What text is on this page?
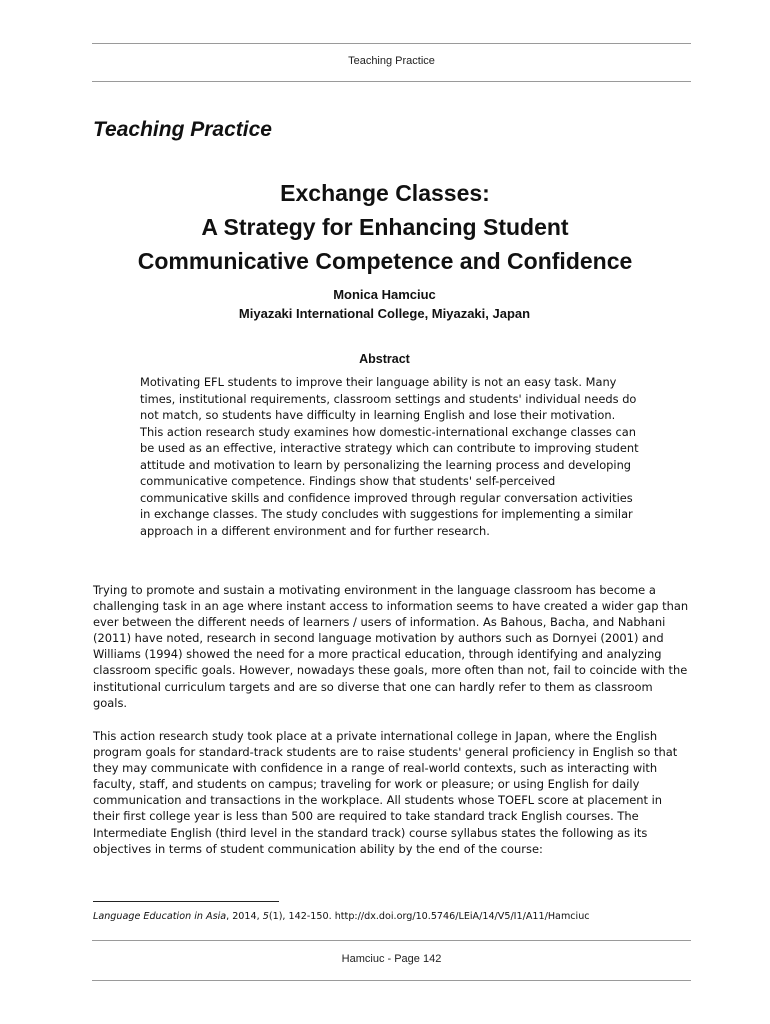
Teaching Practice
Teaching Practice
Exchange Classes:
A Strategy for Enhancing Student
Communicative Competence and Confidence
Monica Hamciuc
Miyazaki International College, Miyazaki, Japan
Abstract

Motivating EFL students to improve their language ability is not an easy task. Many times, institutional requirements, classroom settings and students' individual needs do not match, so students have difficulty in learning English and lose their motivation. This action research study examines how domestic-international exchange classes can be used as an effective, interactive strategy which can contribute to improving student attitude and motivation to learn by personalizing the learning process and developing communicative competence. Findings show that students' self-perceived communicative skills and confidence improved through regular conversation activities in exchange classes. The study concludes with suggestions for implementing a similar approach in a different environment and for further research.

Trying to promote and sustain a motivating environment in the language classroom has become a challenging task in an age where instant access to information seems to have created a wider gap than ever between the different needs of learners / users of information. As Bahous, Bacha, and Nabhani (2011) have noted, research in second language motivation by authors such as Dornyei (2001) and Williams (1994) showed the need for a more practical education, through identifying and analyzing classroom specific goals. However, nowadays these goals, more often than not, fail to coincide with the institutional curriculum targets and are so diverse that one can hardly refer to them as classroom goals.

This action research study took place at a private international college in Japan, where the English program goals for standard-track students are to raise students' general proficiency in English so that they may communicate with confidence in a range of real-world contexts, such as interacting with faculty, staff, and students on campus; traveling for work or pleasure; or using English for daily communication and transactions in the workplace. All students whose TOEFL score at placement in their first college year is less than 500 are required to take standard track English courses. The Intermediate English (third level in the standard track) course syllabus states the following as its objectives in terms of student communication ability by the end of the course:

Language Education in Asia, 2014, 5(1), 142-150. http://dx.doi.org/10.5746/LEiA/14/V5/I1/A11/Hamciuc
Hamciuc - Page 142
